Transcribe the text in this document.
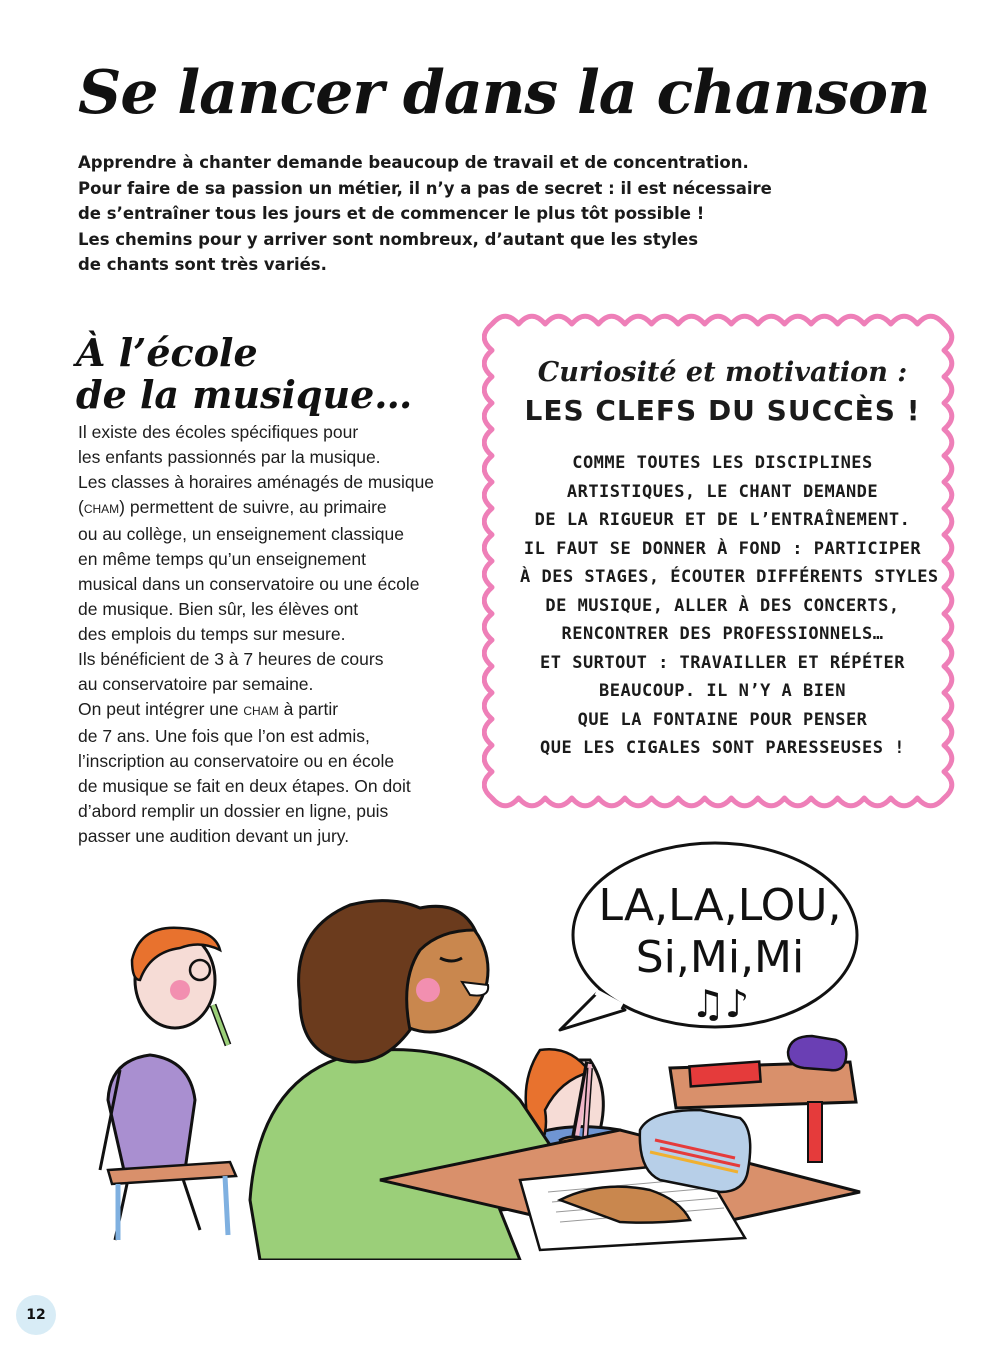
Se lancer dans la chanson
Apprendre à chanter demande beaucoup de travail et de concentration.
Pour faire de sa passion un métier, il n’y a pas de secret : il est nécessaire
de s’entraîner tous les jours et de commencer le plus tôt possible !
Les chemins pour y arriver sont nombreux, d’autant que les styles
de chants sont très variés.
À l’école
de la musique…
Il existe des écoles spécifiques pour
les enfants passionnés par la musique.
Les classes à horaires aménagés de musique
(CHAM) permettent de suivre, au primaire
ou au collège, un enseignement classique
en même temps qu’un enseignement
musical dans un conservatoire ou une école
de musique. Bien sûr, les élèves ont
des emplois du temps sur mesure.
Ils bénéficient de 3 à 7 heures de cours
au conservatoire par semaine.
On peut intégrer une CHAM à partir
de 7 ans. Une fois que l’on est admis,
l’inscription au conservatoire ou en école
de musique se fait en deux étapes. On doit
d’abord remplir un dossier en ligne, puis
passer une audition devant un jury.
Curiosité et motivation :
LES CLEFS DU SUCCÈS !
COMME TOUTES LES DISCIPLINES
ARTISTIQUES, LE CHANT DEMANDE
DE LA RIGUEUR ET DE L’ENTRAÎNEMENT.
IL FAUT SE DONNER À FOND : PARTICIPER
À DES STAGES, ÉCOUTER DIFFÉRENTS STYLES
DE MUSIQUE, ALLER À DES CONCERTS,
RENCONTRER DES PROFESSIONNELS…
ET SURTOUT : TRAVAILLER ET RÉPÉTER
BEAUCOUP. IL N’Y A BIEN
QUE LA FONTAINE POUR PENSER
QUE LES CIGALES SONT PARESSEUSES !
LA,LA,LOU,
Si,Mi,Mi
♫♪
12
